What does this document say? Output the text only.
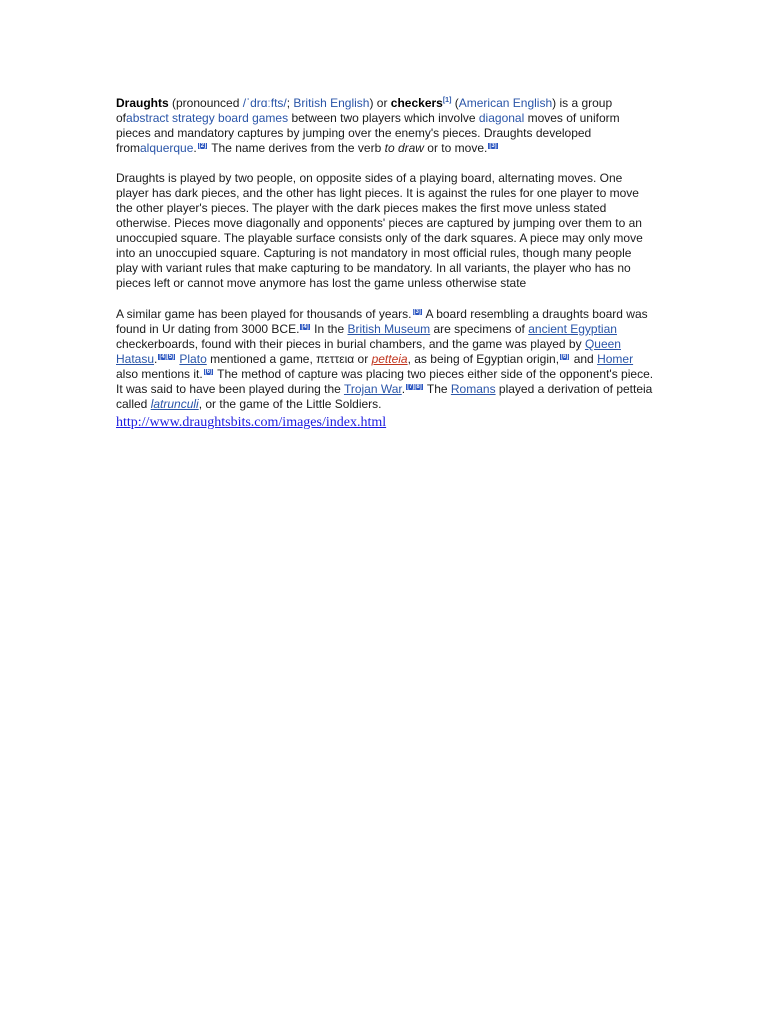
Draughts (pronounced /ˈdrɑːfts/; British English) or checkers[1] (American English) is a group ofabstract strategy board games between two players which involve diagonal moves of uniform pieces and mandatory captures by jumping over the enemy's pieces. Draughts developed fromalquerque. [2] The name derives from the verb to draw or to move. [3]

Draughts is played by two people, on opposite sides of a playing board, alternating moves. One player has dark pieces, and the other has light pieces. It is against the rules for one player to move the other player's pieces. The player with the dark pieces makes the first move unless stated otherwise. Pieces move diagonally and opponents' pieces are captured by jumping over them to an unoccupied square. The playable surface consists only of the dark squares. A piece may only move into an unoccupied square. Capturing is not mandatory in most official rules, though many people play with variant rules that make capturing to be mandatory. In all variants, the player who has no pieces left or cannot move anymore has lost the game unless otherwise state

A similar game has been played for thousands of years. [3] A board resembling a draughts board was found in Ur dating from 3000 BCE. [4] In the British Museum are specimens of ancient Egyptian checkerboards, found with their pieces in burial chambers, and the game was played by Queen Hatasu. [4][5] Plato mentioned a game, πεττεια or petteia, as being of Egyptian origin, [6] and Homer also mentions it. [6] The method of capture was placing two pieces either side of the opponent's piece. It was said to have been played during the Trojan War. [7][8] The Romans played a derivation of petteia called latrunculi, or the game of the Little Soldiers.

http://www.draughtsbits.com/images/index.html
